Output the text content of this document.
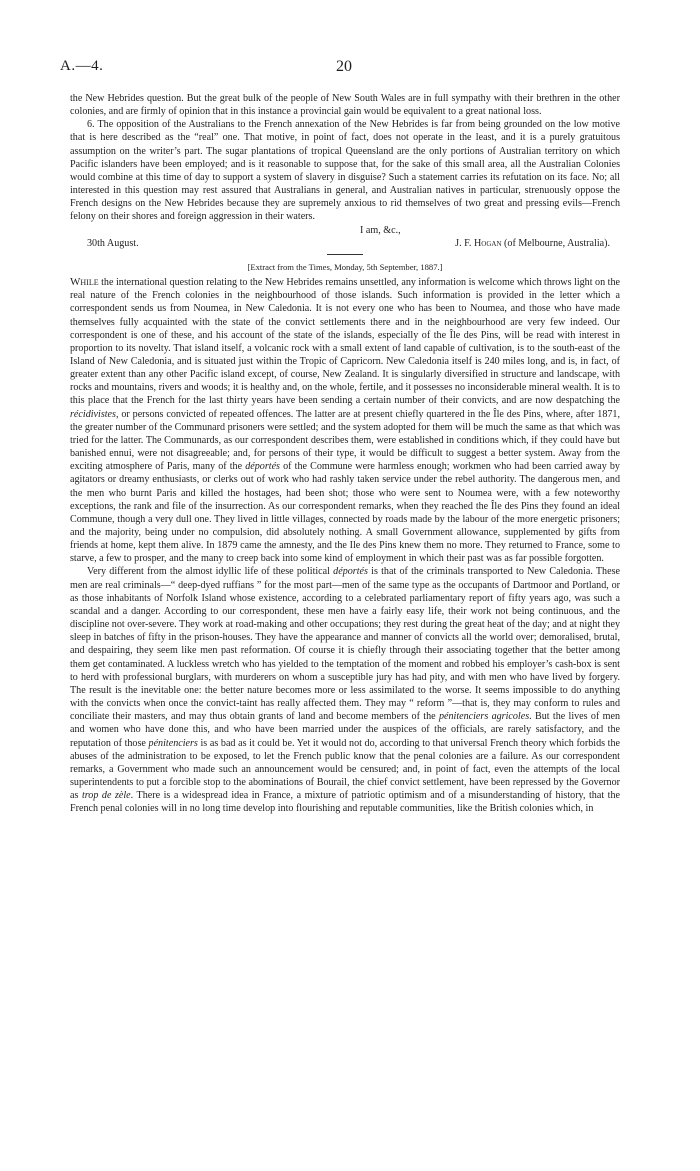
A.—4.	20

the New Hebrides question. But the great bulk of the people of New South Wales are in full sympathy with their brethren in the other colonies, and are firmly of opinion that in this instance a provincial gain would be equivalent to a great national loss.

6. The opposition of the Australians to the French annexation of the New Hebrides is far from being grounded on the low motive that is here described as the “real” one. That motive, in point of fact, does not operate in the least, and it is a purely gratuitous assumption on the writer’s part. The sugar plantations of tropical Queensland are the only portions of Australian territory on which Pacific islanders have been employed; and is it reasonable to suppose that, for the sake of this small area, all the Australian Colonies would combine at this time of day to support a system of slavery in disguise? Such a statement carries its refutation on its face. No; all interested in this question may rest assured that Australians in general, and Australian natives in particular, strenuously oppose the French designs on the New Hebrides because they are supremely anxious to rid themselves of two great and pressing evils—French felony on their shores and foreign aggression in their waters.

I am, &c.,

30th August.	J. F. Hogan (of Melbourne, Australia).

[Extract from the Times, Monday, 5th September, 1887.]

While the international question relating to the New Hebrides remains unsettled, any information is welcome which throws light on the real nature of the French colonies in the neighbourhood of those islands. Such information is provided in the letter which a correspondent sends us from Noumea, in New Caledonia. It is not every one who has been to Noumea, and those who have made themselves fully acquainted with the state of the convict settlements there and in the neighbourhood are very few indeed. Our correspondent is one of these, and his account of the state of the islands, especially of the Île des Pins, will be read with interest in proportion to its novelty. That island itself, a volcanic rock with a small extent of land capable of cultivation, is to the south-east of the Island of New Caledonia, and is situated just within the Tropic of Capricorn. New Caledonia itself is 240 miles long, and is, in fact, of greater extent than any other Pacific island except, of course, New Zealand. It is singularly diversified in structure and landscape, with rocks and mountains, rivers and woods; it is healthy and, on the whole, fertile, and it possesses no inconsiderable mineral wealth. It is to this place that the French for the last thirty years have been sending a certain number of their convicts, and are now despatching the récidivistes, or persons convicted of repeated offences. The latter are at present chiefly quartered in the Île des Pins, where, after 1871, the greater number of the Communard prisoners were settled; and the system adopted for them will be much the same as that which was tried for the latter. The Communards, as our correspondent describes them, were established in conditions which, if they could have but banished ennui, were not disagreeable; and, for persons of their type, it would be difficult to suggest a better system. Away from the exciting atmosphere of Paris, many of the déportés of the Commune were harmless enough; workmen who had been carried away by agitators or dreamy enthusiasts, or clerks out of work who had rashly taken service under the rebel authority. The dangerous men, and the men who burnt Paris and killed the hostages, had been shot; those who were sent to Noumea were, with a few noteworthy exceptions, the rank and file of the insurrection. As our correspondent remarks, when they reached the Île des Pins they found an ideal Commune, though a very dull one. They lived in little villages, connected by roads made by the labour of the more energetic prisoners; and the majority, being under no compulsion, did absolutely nothing. A small Government allowance, supplemented by gifts from friends at home, kept them alive. In 1879 came the amnesty, and the Ile des Pins knew them no more. They returned to France, some to starve, a few to prosper, and the many to creep back into some kind of employment in which their past was as far possible forgotten.

Very different from the almost idyllic life of these political déportés is that of the criminals transported to New Caledonia. These men are real criminals—“ deep-dyed ruffians ” for the most part—men of the same type as the occupants of Dartmoor and Portland, or as those inhabitants of Norfolk Island whose existence, according to a celebrated parliamentary report of fifty years ago, was such a scandal and a danger. According to our correspondent, these men have a fairly easy life, their work not being continuous, and the discipline not over-severe. They work at road-making and other occupations; they rest during the great heat of the day; and at night they sleep in batches of fifty in the prison-houses. They have the appearance and manner of convicts all the world over; demoralised, brutal, and despairing, they seem like men past reformation. Of course it is chiefly through their associating together that the better among them get contaminated. A luckless wretch who has yielded to the temptation of the moment and robbed his employer’s cash-box is sent to herd with professional burglars, with murderers on whom a susceptible jury has had pity, and with men who have lived by forgery. The result is the inevitable one: the better nature becomes more or less assimilated to the worse. It seems impossible to do anything with the convicts when once the convict-taint has really affected them. They may “ reform ”—that is, they may conform to rules and conciliate their masters, and may thus obtain grants of land and become members of the pénitenciers agricoles. But the lives of men and women who have done this, and who have been married under the auspices of the officials, are rarely satisfactory, and the reputation of those pénitenciers is as bad as it could be. Yet it would not do, according to that universal French theory which forbids the abuses of the administration to be exposed, to let the French public know that the penal colonies are a failure. As our correspondent remarks, a Government who made such an announcement would be censured; and, in point of fact, even the attempts of the local superintendents to put a forcible stop to the abominations of Bourail, the chief convict settlement, have been repressed by the Governor as trop de zèle. There is a widespread idea in France, a mixture of patriotic optimism and of a misunderstanding of history, that the French penal colonies will in no long time develop into flourishing and reputable communities, like the British colonies which, in
